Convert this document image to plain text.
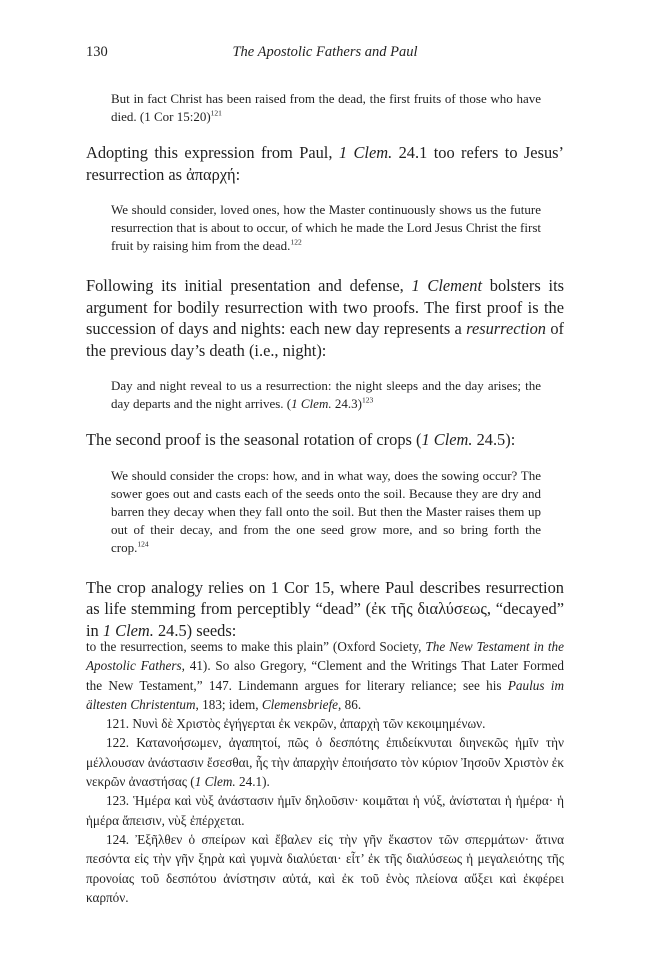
130	The Apostolic Fathers and Paul

But in fact Christ has been raised from the dead, the first fruits of those who have died. (1 Cor 15:20)$^{121}$

Adopting this expression from Paul, 1 Clem. 24.1 too refers to Jesus’ resurrection as ἀπαρχή:

We should consider, loved ones, how the Master continuously shows us the future resurrection that is about to occur, of which he made the Lord Jesus Christ the first fruit by raising him from the dead.$^{122}$

Following its initial presentation and defense, 1 Clement bolsters its argument for bodily resurrection with two proofs. The first proof is the succession of days and nights: each new day represents a resurrection of the previous day’s death (i.e., night):

Day and night reveal to us a resurrection: the night sleeps and the day arises; the day departs and the night arrives. (1 Clem. 24.3)$^{123}$

The second proof is the seasonal rotation of crops (1 Clem. 24.5):

We should consider the crops: how, and in what way, does the sowing occur? The sower goes out and casts each of the seeds onto the soil. Because they are dry and barren they decay when they fall onto the soil. But then the Master raises them up out of their decay, and from the one seed grow more, and so bring forth the crop.$^{124}$

The crop analogy relies on 1 Cor 15, where Paul describes resurrection as life stemming from perceptibly “dead” (ἐκ τῆς διαλύσεως, “decayed” in 1 Clem. 24.5) seeds:

to the resurrection, seems to make this plain” (Oxford Society, The New Testament in the Apostolic Fathers, 41). So also Gregory, “Clement and the Writings That Later Formed the New Testament,” 147. Lindemann argues for literary reliance; see his Paulus im ältesten Christentum, 183; idem, Clemensbriefe, 86.

121. Νυνὶ δὲ Χριστὸς ἐγήγερται ἐκ νεκρῶν, ἀπαρχὴ τῶν κεκοιμημένων.

122. Κατανοήσωμεν, ἀγαπητοί, πῶς ὁ δεσπότης ἐπιδείκνυται διηνεκῶς ἡμῖν τὴν μέλλουσαν ἀνάστασιν ἔσεσθαι, ἧς τὴν ἀπαρχὴν ἐποιήσατο τὸν κύριον Ἰησοῦν Χριστὸν ἐκ νεκρῶν ἀναστήσας (1 Clem. 24.1).

123. Ἡμέρα καὶ νὺξ ἀνάστασιν ἡμῖν δηλοῦσιν· κοιμᾶται ἡ νύξ, ἀνίσταται ἡ ἡμέρα· ἡ ἡμέρα ἄπεισιν, νὺξ ἐπέρχεται.

124. Ἐξῆλθεν ὁ σπείρων καὶ ἔβαλεν εἰς τὴν γῆν ἕκαστον τῶν σπερμάτων· ἅτινα πεσόντα εἰς τὴν γῆν ξηρὰ καὶ γυμνὰ διαλύεται· εἶτ’ ἐκ τῆς διαλύσεως ἡ μεγαλειότης τῆς προνοίας τοῦ δεσπότου ἀνίστησιν αὐτά, καὶ ἐκ τοῦ ἑνὸς πλείονα αὔξει καὶ ἐκφέρει καρπόν.
